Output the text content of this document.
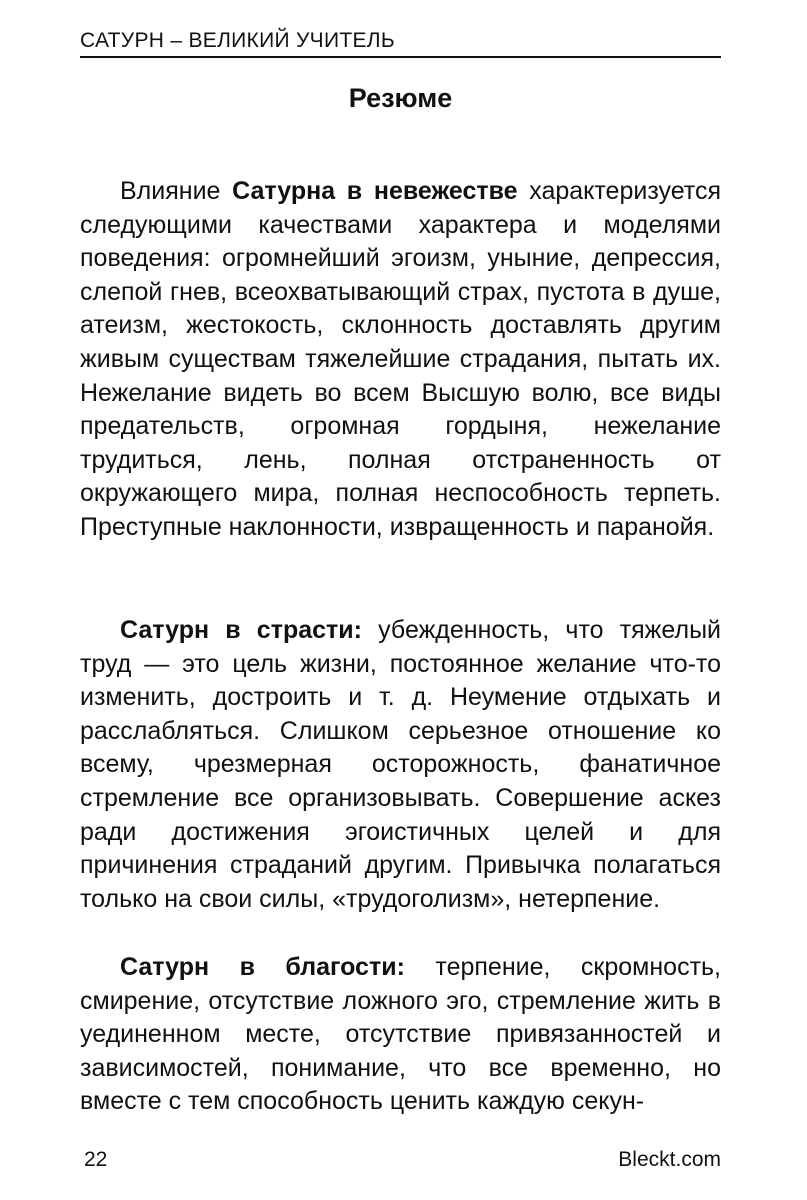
САТУРН – ВЕЛИКИЙ УЧИТЕЛЬ
Резюме

Влияние Сатурна в невежестве характеризуется следующими качествами характера и моделями поведения: огромнейший эгоизм, уныние, депрессия, слепой гнев, всеохватывающий страх, пустота в душе, атеизм, жестокость, склонность доставлять другим живым существам тяжелейшие страдания, пытать их. Нежелание видеть во всем Высшую волю, все виды предательств, огромная гордыня, нежелание трудиться, лень, полная отстраненность от окружающего мира, полная неспособность терпеть. Преступные наклонности, извращенность и паранойя.

Сатурн в страсти: убежденность, что тяжелый труд — это цель жизни, постоянное желание что-то изменить, достроить и т. д. Неумение отдыхать и расслабляться. Слишком серьезное отношение ко всему, чрезмерная осторожность, фанатичное стремление все организовывать. Совершение аскез ради достижения эгоистичных целей и для причинения страданий другим. Привычка полагаться только на свои силы, «трудоголизм», нетерпение.

Сатурн в благости: терпение, скромность, смирение, отсутствие ложного эго, стремление жить в уединенном месте, отсутствие привязанностей и зависимостей, понимание, что все временно, но вместе с тем способность ценить каждую секун-

22	Bleckt.com
